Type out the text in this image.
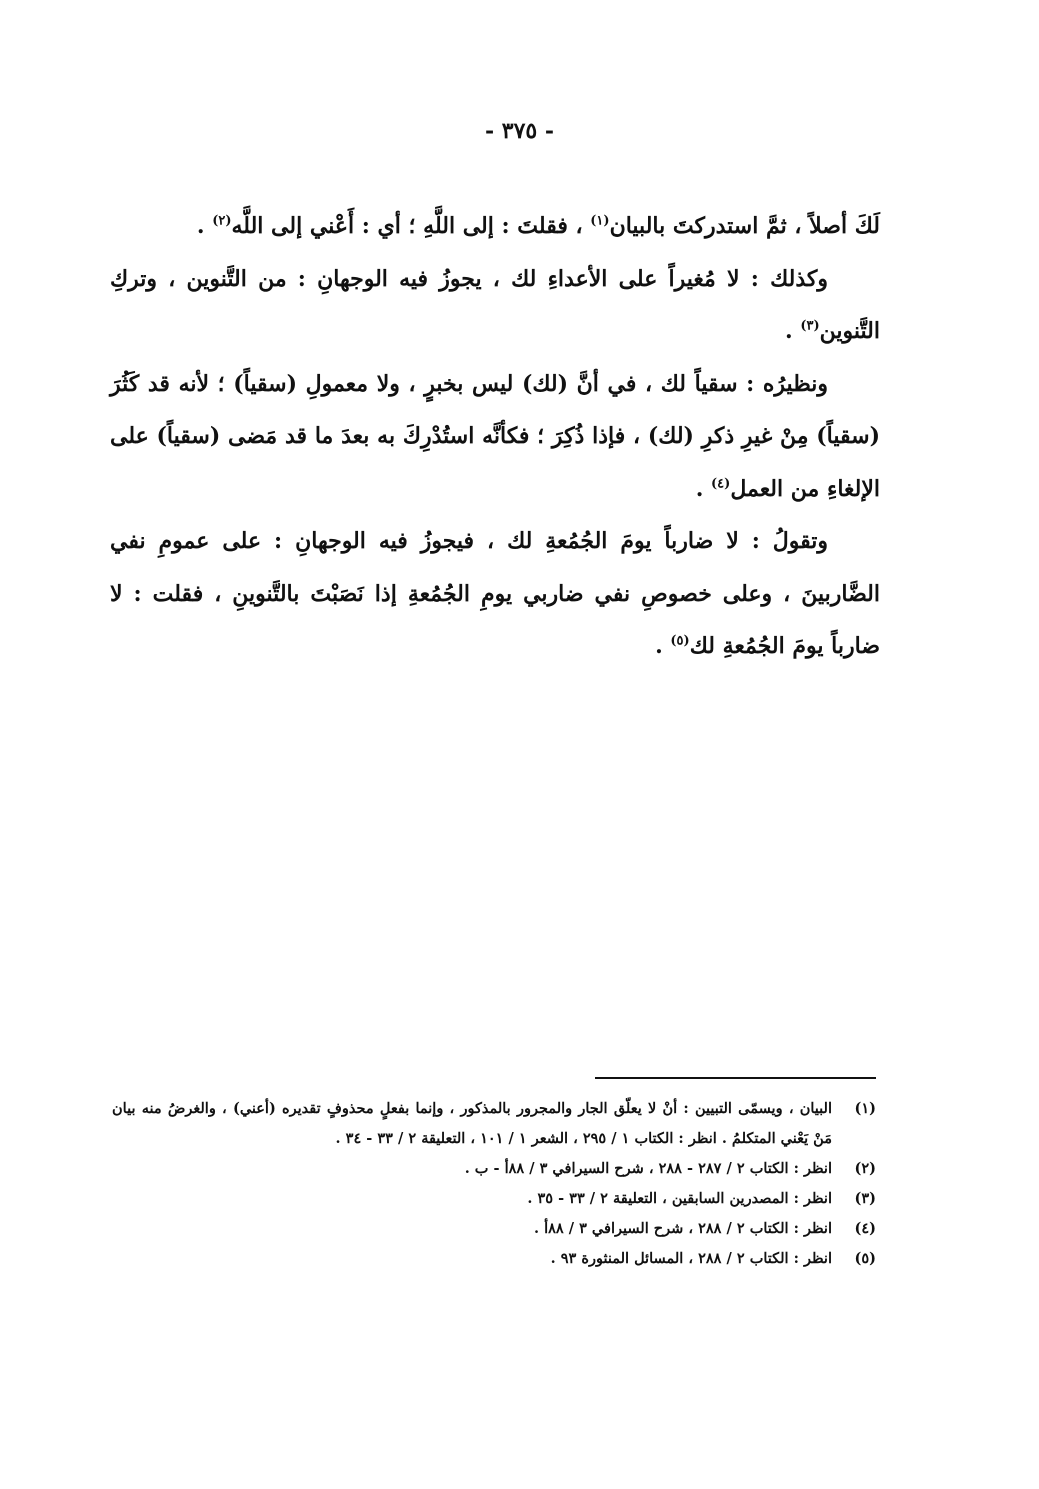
- ٣٧٥ -

لَكَ أصلاً ، ثمَّ استدركتَ بالبيان$^{(١)}$ ، فقلتَ : إلى اللَّهِ ؛ أي : أَعْني إلى اللَّه$^{(٢)}$ .

وكذلك : لا مُغيراً على الأعداءِ لك ، يجوزُ فيه الوجهانِ : من التَّنوين ، وتركِ التَّنوين$^{(٣)}$ .

ونظيرُه : سقياً لك ، في أنَّ (لك) ليس بخبرٍ ، ولا معمولِ (سقياً) ؛ لأنه قد كَثُرَ (سقياً) مِنْ غيرِ ذكرِ (لك) ، فإذا ذُكِرَ ؛ فكأنَّه استُدْرِكَ به بعدَ ما قد مَضى (سقياً) على الإلغاءِ من العمل$^{(٤)}$ .

وتقولُ : لا ضارباً يومَ الجُمُعةِ لك ، فيجوزُ فيه الوجهانِ : على عمومِ نفي الضَّاربينَ ، وعلى خصوصِ نفي ضاربي يومِ الجُمُعةِ إذا نَصَبْتَ بالتَّنوينِ ، فقلت : لا ضارباً يومَ الجُمُعةِ لك$^{(٥)}$ .

(١)
البيان ، ويسمّى التبيين : أنْ لا يعلّق الجار والمجرور بالمذكور ، وإنما بفعلٍ محذوفٍ تقديره (أعني) ، والغرضُ منه بيان مَنْ يَعْني المتكلمُ . انظر : الكتاب ١ / ٢٩٥ ، الشعر ١ / ١٠١ ، التعليقة ٢ / ٣٣ - ٣٤ .
(٢)
انظر : الكتاب ٢ / ٢٨٧ - ٢٨٨ ، شرح السيرافي ٣ / ٨٨أ - ب .
(٣)
انظر : المصدرين السابقين ، التعليقة ٢ / ٣٣ - ٣٥ .
(٤)
انظر : الكتاب ٢ / ٢٨٨ ، شرح السيرافي ٣ / ٨٨أ .
(٥)
انظر : الكتاب ٢ / ٢٨٨ ، المسائل المنثورة ٩٣ .
